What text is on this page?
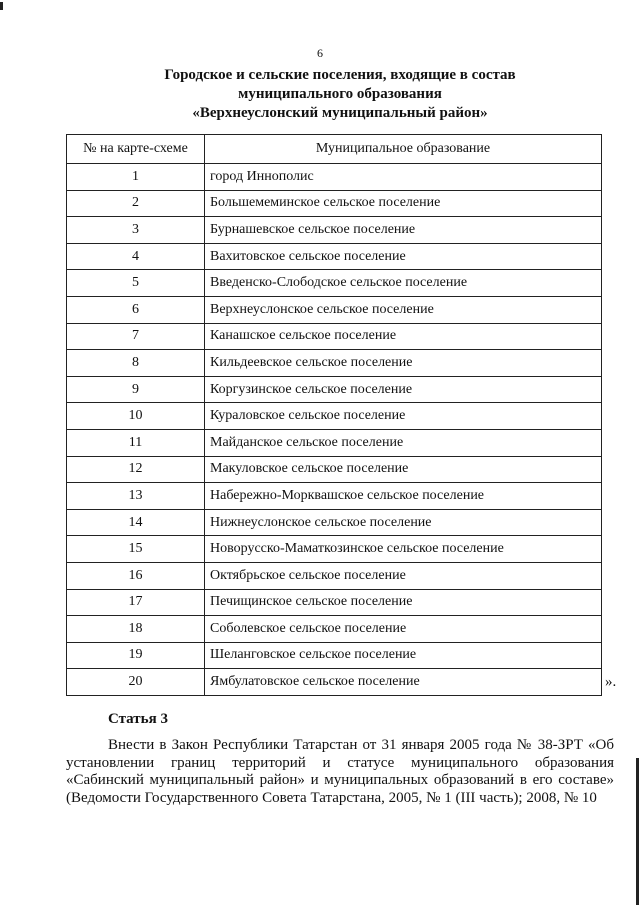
6
Городское и сельские поселения, входящие в состав
муниципального образования
«Верхнеуслонский муниципальный район»
№ на карте-схеме	Муниципальное образование
1	город Иннополис
2	Большемеминское сельское поселение
3	Бурнашевское сельское поселение
4	Вахитовское сельское поселение
5	Введенско-Слободское сельское поселение
6	Верхнеуслонское сельское поселение
7	Канашское сельское поселение
8	Кильдеевское сельское поселение
9	Коргузинское сельское поселение
10	Кураловское сельское поселение
11	Майданское сельское поселение
12	Макуловское сельское поселение
13	Набережно-Морквашское сельское поселение
14	Нижнеуслонское сельское поселение
15	Новорусско-Маматкозинское сельское поселение
16	Октябрьское сельское поселение
17	Печищинское сельское поселение
18	Соболевское сельское поселение
19	Шеланговское сельское поселение
20	Ямбулатовское сельское поселение	».
Статья 3
Внести в Закон Республики Татарстан от 31 января 2005 года № 38-ЗРТ «Об установлении границ территорий и статусе муниципального образования «Сабинский муниципальный район» и муниципальных образований в его составе» (Ведомости Государственного Совета Татарстана, 2005, № 1 (III часть); 2008, № 10
